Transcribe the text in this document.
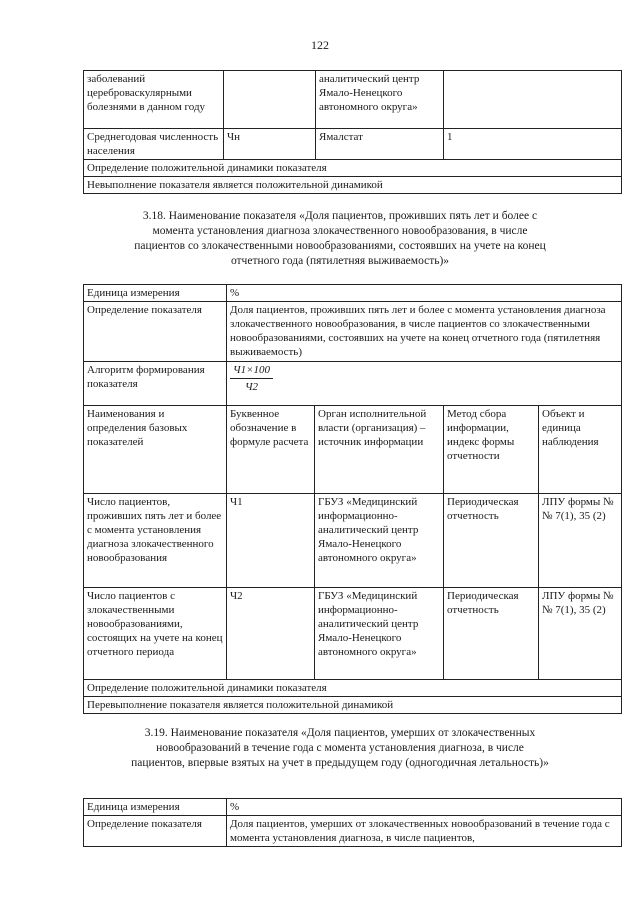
122
заболеваний цереброваскулярными болезнями в данном году		аналитический центр Ямало-Ненецкого автономного округа»	
Среднегодовая численность населения	Чн	Ямалстат	1
Определение положительной динамики показателя			
Невыполнение показателя является положительной динамикой			
3.18. Наименование показателя «Доля пациентов, проживших пять лет и более с момента установления диагноза злокачественного новообразования, в числе пациентов со злокачественными новообразованиями, состоявших на учете на конец отчетного года (пятилетняя выживаемость)»
Единица измерения	%			
Определение показателя	Доля пациентов, проживших пять лет и более с момента установления диагноза злокачественного новообразования, в числе пациентов со злокачественными новообразованиями, состоявших на учете на конец отчетного года (пятилетняя выживаемость)			
Алгоритм формирования показателя	$\frac{Ч1\times 100}{Ч2}$

Наименования и определения базовых показателей	Буквенное обозначение в формуле расчета	Орган исполнительной власти (организация) – источник информации	Метод сбора информации, индекс формы отчетности	Объект и единица наблюдения
Число пациентов, проживших пять лет и более с момента установления диагноза злокачественного новообразования	Ч1	ГБУЗ «Медицинский информационно-аналитический центр Ямало-Ненецкого автономного округа»	Периодическая отчетность	ЛПУ формы №№ 7(1), 35 (2)
Число пациентов с злокачественными новообразованиями, состоящих на учете на конец отчетного периода	Ч2	ГБУЗ «Медицинский информационно-аналитический центр Ямало-Ненецкого автономного округа»	Периодическая отчетность	ЛПУ формы №№ 7(1), 35 (2)
Определение положительной динамики показателя				
Перевыполнение показателя является положительной динамикой				
3.19. Наименование показателя «Доля пациентов, умерших от злокачественных новообразований в течение года с момента установления диагноза, в числе пациентов, впервые взятых на учет в предыдущем году (одногодичная летальность)»
Единица измерения	%
Определение показателя	Доля пациентов, умерших от злокачественных новообразований в течение года с момента установления диагноза, в числе пациентов,
